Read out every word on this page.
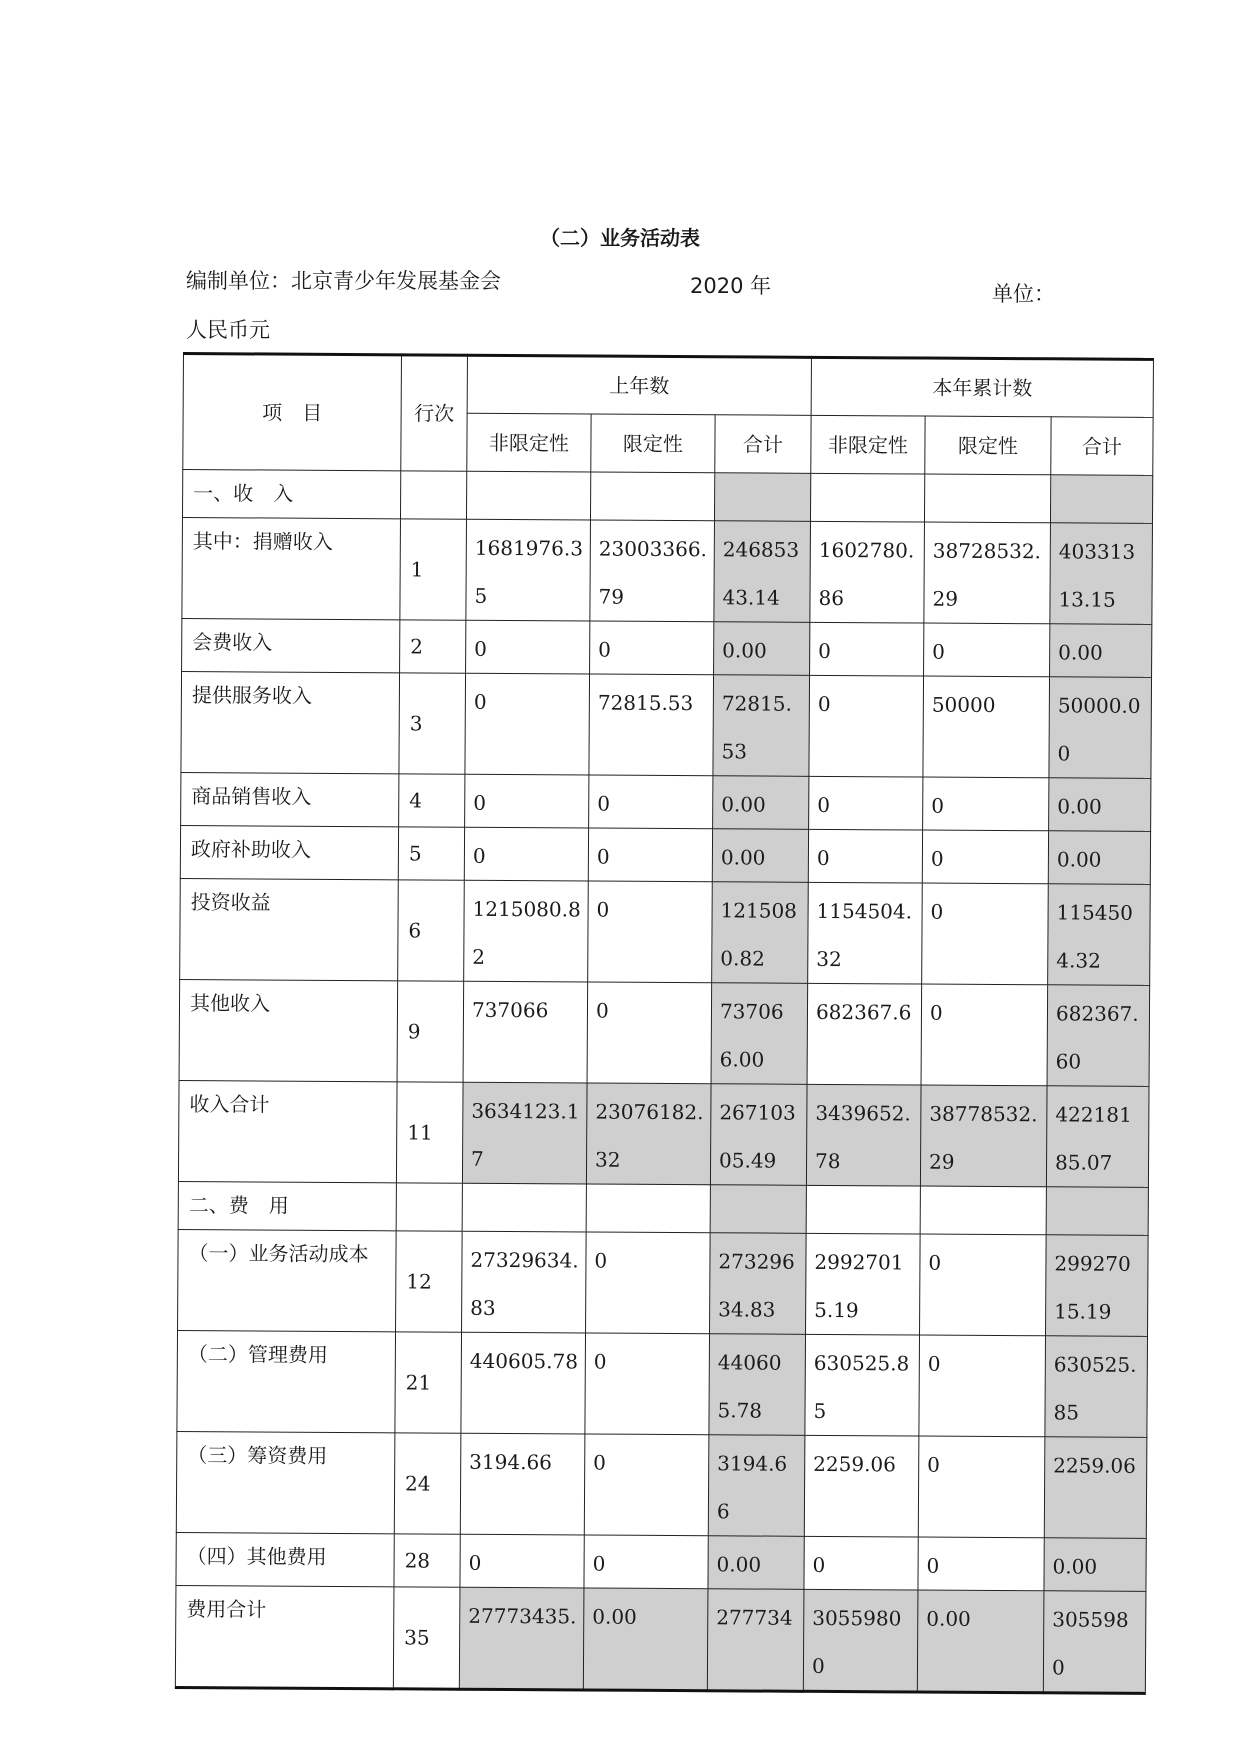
（二）业务活动表
编制单位：北京青少年发展基金会	2020 年	单位：
人民币元
项　目	行次	上年数			本年累计数		
		非限定性	限定性	合计	非限定性	限定性	合计
一、收　入							
其中：捐赠收入	1	1681976.35	23003366.79	24685343.14	1602780.86	38728532.29	40331313.15
会费收入	2	0	0	0.00	0	0	0.00
提供服务收入	3	0	72815.53	72815.53	0	50000	50000.00
商品销售收入	4	0	0	0.00	0	0	0.00
政府补助收入	5	0	0	0.00	0	0	0.00
投资收益	6	1215080.82	0	1215080.82	1154504.32	0	1154504.32
其他收入	9	737066	0	737066.00	682367.6	0	682367.60
收入合计	11	3634123.17	23076182.32	26710305.49	3439652.78	38778532.29	42218185.07
二、费　用							
（一）业务活动成本	12	27329634.83	0	27329634.83	29927015.19	0	29927015.19
（二）管理费用	21	440605.78	0	440605.78	630525.85	0	630525.85
（三）筹资费用	24	3194.66	0	3194.66	2259.06	0	2259.06
（四）其他费用	28	0	0	0.00	0	0	0.00
费用合计	35	27773435.	0.00	277734	30559800	0.00	3055980
